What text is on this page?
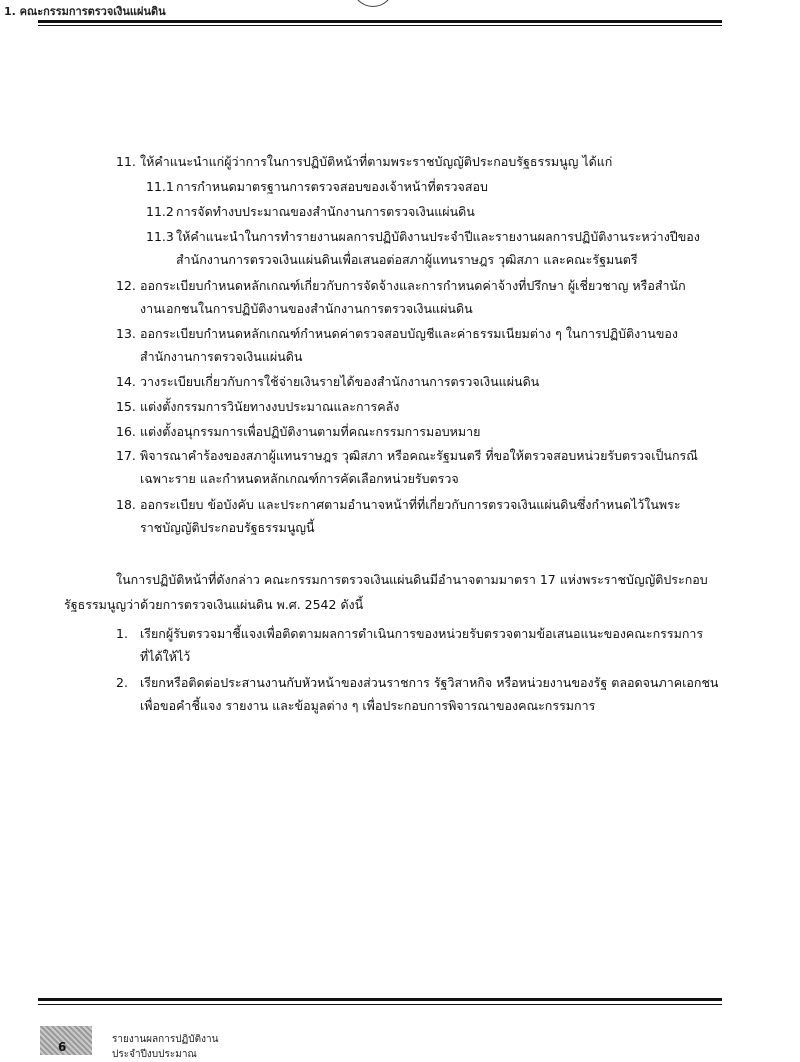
1. คณะกรรมการตรวจเงินแผ่นดิน
11. ให้คำแนะนำแก่ผู้ว่าการในการปฏิบัติหน้าที่ตามพระราชบัญญัติประกอบรัฐธรรมนูญ ได้แก่
11.1 การกำหนดมาตรฐานการตรวจสอบของเจ้าหน้าที่ตรวจสอบ
11.2 การจัดทำงบประมาณของสำนักงานการตรวจเงินแผ่นดิน
11.3 ให้คำแนะนำในการทำรายงานผลการปฏิบัติงานประจำปีและรายงานผลการปฏิบัติงานระหว่างปีของ
สำนักงานการตรวจเงินแผ่นดินเพื่อเสนอต่อสภาผู้แทนราษฎร วุฒิสภา และคณะรัฐมนตรี
12. ออกระเบียบกำหนดหลักเกณฑ์เกี่ยวกับการจัดจ้างและการกำหนดค่าจ้างที่ปรึกษา ผู้เชี่ยวชาญ หรือสำนัก
งานเอกชนในการปฏิบัติงานของสำนักงานการตรวจเงินแผ่นดิน
13. ออกระเบียบกำหนดหลักเกณฑ์กำหนดค่าตรวจสอบบัญชีและค่าธรรมเนียมต่าง ๆ ในการปฏิบัติงานของ
สำนักงานการตรวจเงินแผ่นดิน
14. วางระเบียบเกี่ยวกับการใช้จ่ายเงินรายได้ของสำนักงานการตรวจเงินแผ่นดิน
15. แต่งตั้งกรรมการวินัยทางงบประมาณและการคลัง
16. แต่งตั้งอนุกรรมการเพื่อปฏิบัติงานตามที่คณะกรรมการมอบหมาย
17. พิจารณาคำร้องของสภาผู้แทนราษฎร วุฒิสภา หรือคณะรัฐมนตรี ที่ขอให้ตรวจสอบหน่วยรับตรวจเป็นกรณี
เฉพาะราย และกำหนดหลักเกณฑ์การคัดเลือกหน่วยรับตรวจ
18. ออกระเบียบ ข้อบังคับ และประกาศตามอำนาจหน้าที่ที่เกี่ยวกับการตรวจเงินแผ่นดินซึ่งกำหนดไว้ในพระ
ราชบัญญัติประกอบรัฐธรรมนูญนี้
ในการปฏิบัติหน้าที่ดังกล่าว คณะกรรมการตรวจเงินแผ่นดินมีอำนาจตามมาตรา 17 แห่งพระราชบัญญัติประกอบ
รัฐธรรมนูญว่าด้วยการตรวจเงินแผ่นดิน พ.ศ. 2542 ดังนี้
1. เรียกผู้รับตรวจมาชี้แจงเพื่อติดตามผลการดำเนินการของหน่วยรับตรวจตามข้อเสนอแนะของคณะกรรมการ
ที่ได้ให้ไว้
2. เรียกหรือติดต่อประสานงานกับหัวหน้าของส่วนราชการ รัฐวิสาหกิจ หรือหน่วยงานของรัฐ ตลอดจนภาคเอกชน
เพื่อขอคำชี้แจง รายงาน และข้อมูลต่าง ๆ เพื่อประกอบการพิจารณาของคณะกรรมการ
6
รายงานผลการปฏิบัติงาน
ประจำปีงบประมาณ
